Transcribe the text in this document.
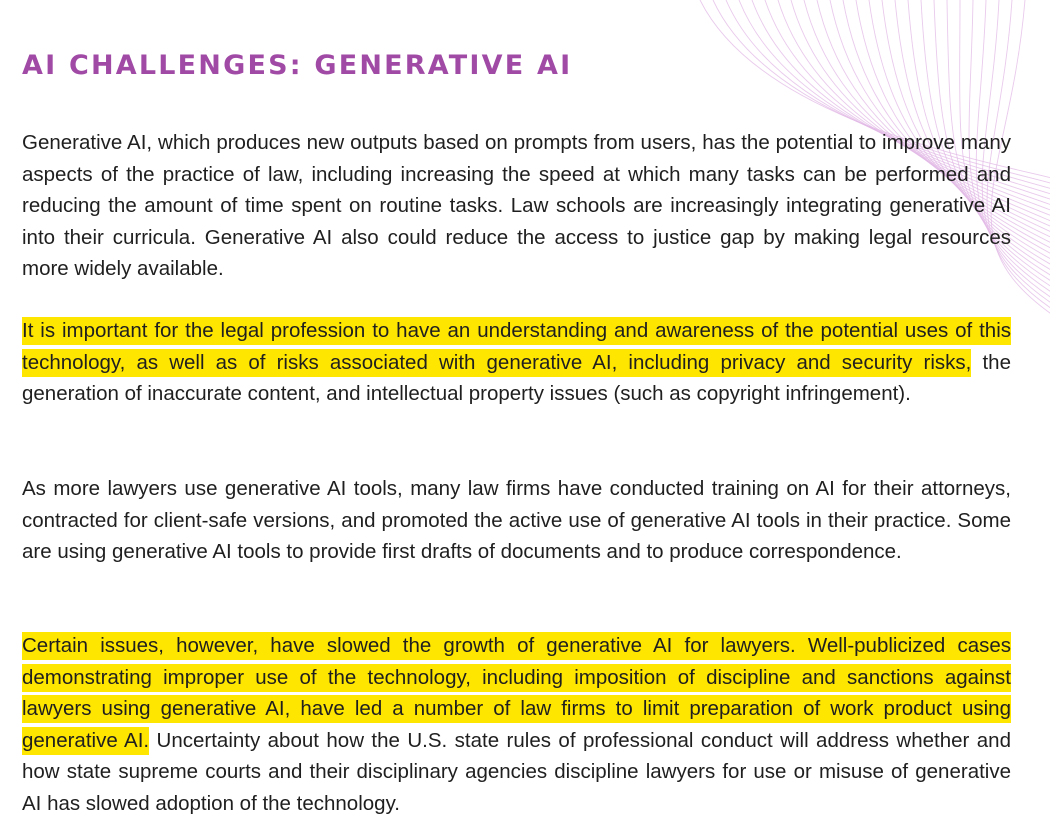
AI CHALLENGES: GENERATIVE AI

Generative AI, which produces new outputs based on prompts from users, has the potential to improve many aspects of the practice of law, including increasing the speed at which many tasks can be performed and reducing the amount of time spent on routine tasks. Law schools are increasingly integrating generative AI into their curricula. Generative AI also could reduce the access to justice gap by making legal resources more widely available.

It is important for the legal profession to have an understanding and awareness of the potential uses of this technology, as well as of risks associated with generative AI, including privacy and security risks, the generation of inaccurate content, and intellectual property issues (such as copyright infringement).

As more lawyers use generative AI tools, many law firms have conducted training on AI for their attorneys, contracted for client-safe versions, and promoted the active use of generative AI tools in their practice. Some are using generative AI tools to provide first drafts of documents and to produce correspondence.

Certain issues, however, have slowed the growth of generative AI for lawyers. Well-publicized cases demonstrating improper use of the technology, including imposition of discipline and sanctions against lawyers using generative AI, have led a number of law firms to limit preparation of work product using generative AI. Uncertainty about how the U.S. state rules of professional conduct will address whether and how state supreme courts and their disciplinary agencies discipline lawyers for use or misuse of generative AI has slowed adoption of the technology.
